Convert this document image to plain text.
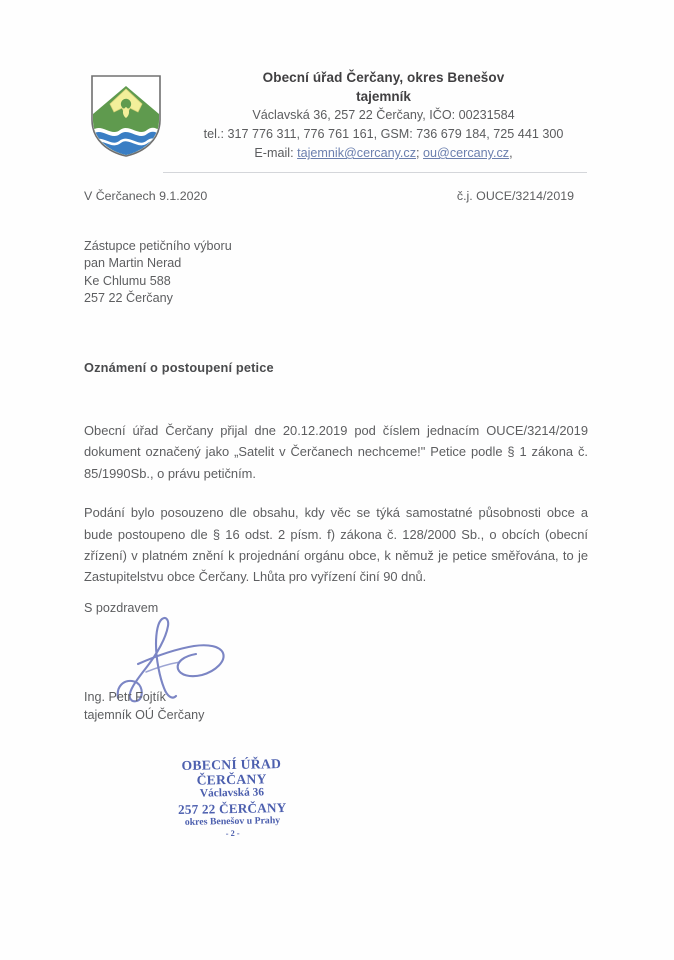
Obecní úřad Čerčany, okres Benešov
tajemník
Václavská 36, 257 22 Čerčany, IČO: 00231584
tel.: 317 776 311, 776 761 161, GSM: 736 679 184, 725 441 300
E-mail: tajemnik@cercany.cz; ou@cercany.cz,
V Čerčanech 9.1.2020	č.j. OUCE/3214/2019
Zástupce petičního výboru
pan Martin Nerad
Ke Chlumu 588
257 22 Čerčany
Oznámení o postoupení petice

Obecní úřad Čerčany přijal dne 20.12.2019 pod číslem jednacím OUCE/3214/2019 dokument označený jako „Satelit v Čerčanech nechceme!" Petice podle § 1 zákona č. 85/1990Sb., o právu petičním.

Podání bylo posouzeno dle obsahu, kdy věc se týká samostatné působnosti obce a bude postoupeno dle § 16 odst. 2 písm. f) zákona č. 128/2000 Sb., o obcích (obecní zřízení) v platném znění k projednání orgánu obce, k němuž je petice směřována, to je Zastupitelstvu obce Čerčany. Lhůta pro vyřízení činí 90 dnů.

S pozdravem
Ing. Petr Fojtík
tajemník OÚ Čerčany
OBECNÍ ÚŘAD ČERČANY
Václavská 36
257 22 ČERČANY
okres Benešov u Prahy
- 2 -
